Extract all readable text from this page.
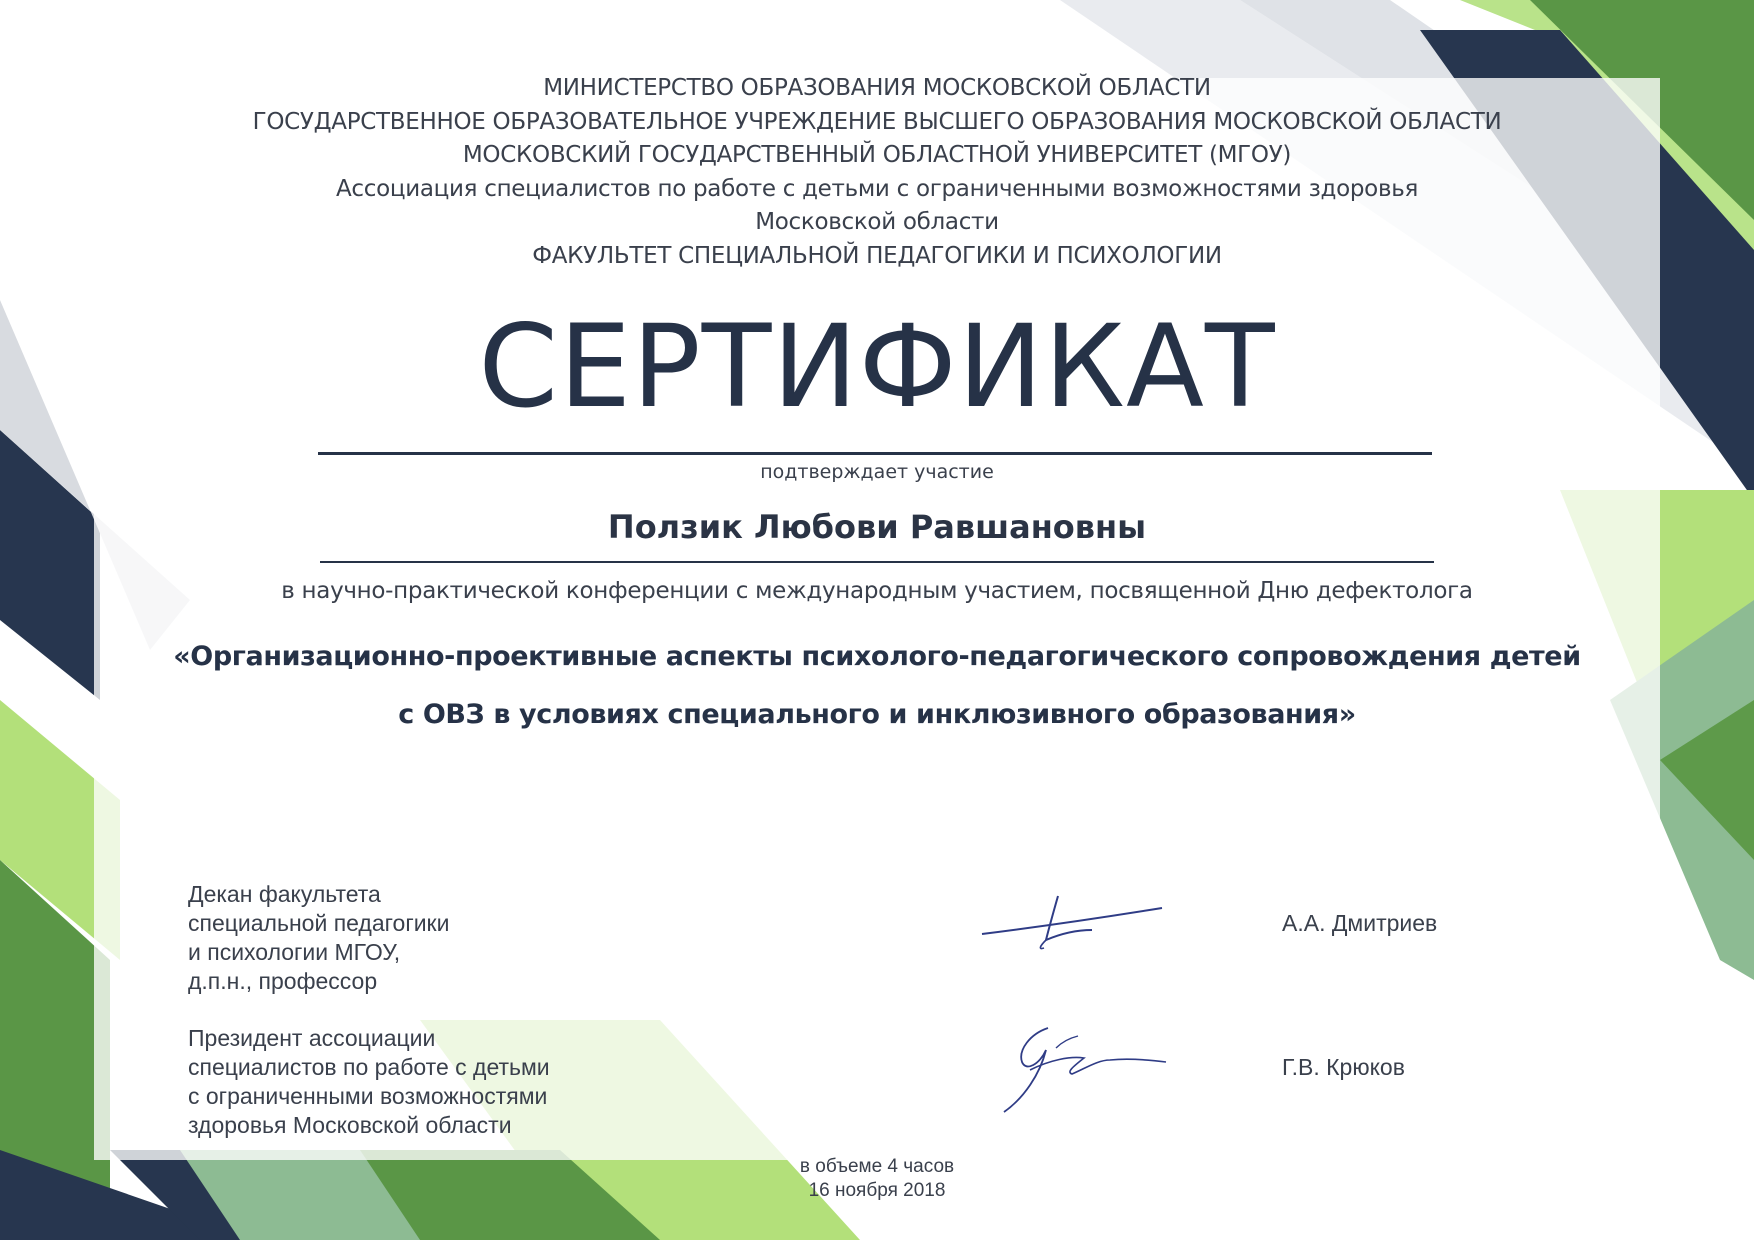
МИНИСТЕРСТВО ОБРАЗОВАНИЯ МОСКОВСКОЙ ОБЛАСТИ
ГОСУДАРСТВЕННОЕ ОБРАЗОВАТЕЛЬНОЕ УЧРЕЖДЕНИЕ ВЫСШЕГО ОБРАЗОВАНИЯ МОСКОВСКОЙ ОБЛАСТИ
МОСКОВСКИЙ ГОСУДАРСТВЕННЫЙ ОБЛАСТНОЙ УНИВЕРСИТЕТ (МГОУ)
Ассоциация специалистов по работе с детьми с ограниченными возможностями здоровья
Московской области
ФАКУЛЬТЕТ СПЕЦИАЛЬНОЙ ПЕДАГОГИКИ И ПСИХОЛОГИИ
СЕРТИФИКАТ
подтверждает участие
Ползик Любови Равшановны
в научно-практической конференции с международным участием, посвященной Дню дефектолога
«Организационно-проективные аспекты психолого-педагогического сопровождения детей
с ОВЗ в условиях специального и инклюзивного образования»
Декан факультета
специальной педагогики
и психологии МГОУ,
д.п.н., профессор
А.А. Дмитриев
Президент ассоциации
специалистов по работе с детьми
с ограниченными возможностями
здоровья Московской области
Г.В. Крюков
в объеме 4 часов
16 ноября 2018
